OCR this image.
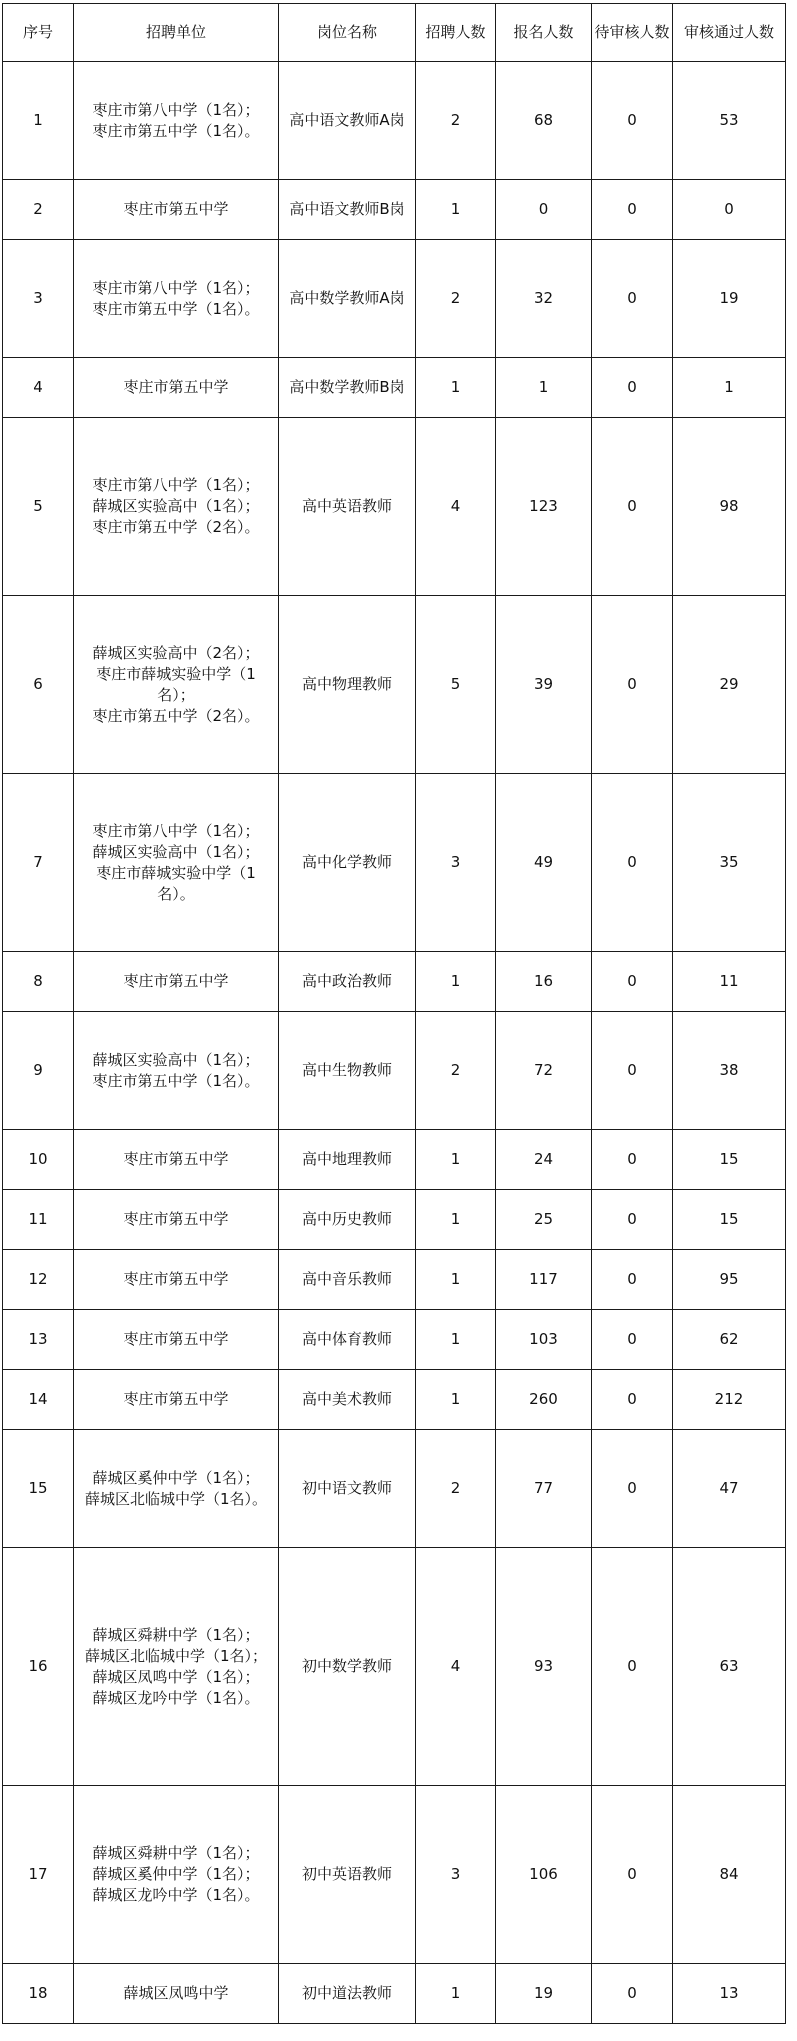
序号	招聘单位	岗位名称	招聘人数	报名人数	待审核人数	审核通过人数
1	枣庄市第八中学（1名）；
枣庄市第五中学（1名）。	高中语文教师A岗	2	68	0	53
2	枣庄市第五中学	高中语文教师B岗	1	0	0	0
3	枣庄市第八中学（1名）；
枣庄市第五中学（1名）。	高中数学教师A岗	2	32	0	19
4	枣庄市第五中学	高中数学教师B岗	1	1	0	1
5	枣庄市第八中学（1名）；
薛城区实验高中（1名）；
枣庄市第五中学（2名）。	高中英语教师	4	123	0	98
6	薛城区实验高中（2名）；
枣庄市薛城实验中学（1
名）；
枣庄市第五中学（2名）。	高中物理教师	5	39	0	29
7	枣庄市第八中学（1名）；
薛城区实验高中（1名）；
枣庄市薛城实验中学（1
名）。	高中化学教师	3	49	0	35
8	枣庄市第五中学	高中政治教师	1	16	0	11
9	薛城区实验高中（1名）；
枣庄市第五中学（1名）。	高中生物教师	2	72	0	38
10	枣庄市第五中学	高中地理教师	1	24	0	15
11	枣庄市第五中学	高中历史教师	1	25	0	15
12	枣庄市第五中学	高中音乐教师	1	117	0	95
13	枣庄市第五中学	高中体育教师	1	103	0	62
14	枣庄市第五中学	高中美术教师	1	260	0	212
15	薛城区奚仲中学（1名）；
薛城区北临城中学（1名）。	初中语文教师	2	77	0	47
16	薛城区舜耕中学（1名）；
薛城区北临城中学（1名）；
薛城区凤鸣中学（1名）；
薛城区龙吟中学（1名）。	初中数学教师	4	93	0	63
17	薛城区舜耕中学（1名）；
薛城区奚仲中学（1名）；
薛城区龙吟中学（1名）。	初中英语教师	3	106	0	84
18	薛城区凤鸣中学	初中道法教师	1	19	0	13
